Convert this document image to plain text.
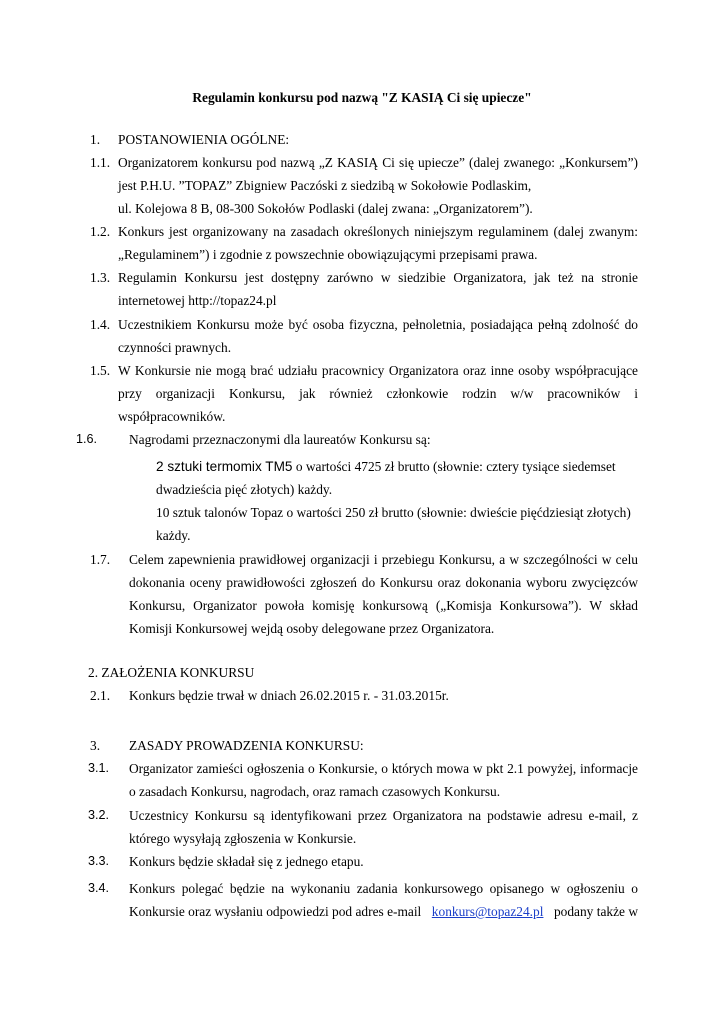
Regulamin konkursu pod nazwą "Z KASIĄ Ci się upiecze"
1. POSTANOWIENIA OGÓLNE:
1.1. Organizatorem konkursu pod nazwą „Z KASIĄ Ci się upiecze” (dalej zwanego: „Konkursem”)
jest P.H.U. ”TOPAZ” Zbigniew Paczóski z siedzibą w Sokołowie Podlaskim,
ul. Kolejowa 8 B, 08-300 Sokołów Podlaski (dalej zwana: „Organizatorem”).
1.2. Konkurs jest organizowany na zasadach określonych niniejszym regulaminem (dalej zwanym:
„Regulaminem”) i zgodnie z powszechnie obowiązującymi przepisami prawa.
1.3. Regulamin Konkursu jest dostępny zarówno w siedzibie Organizatora, jak też na stronie
internetowej http://topaz24.pl
1.4. Uczestnikiem Konkursu może być osoba fizyczna, pełnoletnia, posiadająca pełną zdolność do
czynności prawnych.
1.5. W Konkursie nie mogą brać udziału pracownicy Organizatora oraz inne osoby współpracujące
przy organizacji Konkursu, jak również członkowie rodzin w/w pracowników i
współpracowników.
1.6. Nagrodami przeznaczonymi dla laureatów Konkursu są:
2 sztuki termomix TM5 o wartości 4725 zł brutto (słownie: cztery tysiące siedemset
dwadzieścia pięć złotych) każdy.
10 sztuk talonów Topaz o wartości 250 zł brutto (słownie: dwieście pięćdziesiąt złotych)
każdy.
1.7. Celem zapewnienia prawidłowej organizacji i przebiegu Konkursu, a w szczególności w celu
dokonania oceny prawidłowości zgłoszeń do Konkursu oraz dokonania wyboru zwycięzców
Konkursu, Organizator powoła komisję konkursową („Komisja Konkursowa”). W skład
Komisji Konkursowej wejdą osoby delegowane przez Organizatora.
2. ZAŁOŻENIA KONKURSU
2.1. Konkurs będzie trwał w dniach 26.02.2015 r. - 31.03.2015r.
3. ZASADY PROWADZENIA KONKURSU:
3.1. Organizator zamieści ogłoszenia o Konkursie, o których mowa w pkt 2.1 powyżej, informacje
o zasadach Konkursu, nagrodach, oraz ramach czasowych Konkursu.
3.2. Uczestnicy Konkursu są identyfikowani przez Organizatora na podstawie adresu e-mail, z
którego wysyłają zgłoszenia w Konkursie.
3.3. Konkurs będzie składał się z jednego etapu.
3.4. Konkurs polegać będzie na wykonaniu zadania konkursowego opisanego w ogłoszeniu o
Konkursie oraz wysłaniu odpowiedzi pod adres e-mail konkurs@topaz24.pl podany także w
